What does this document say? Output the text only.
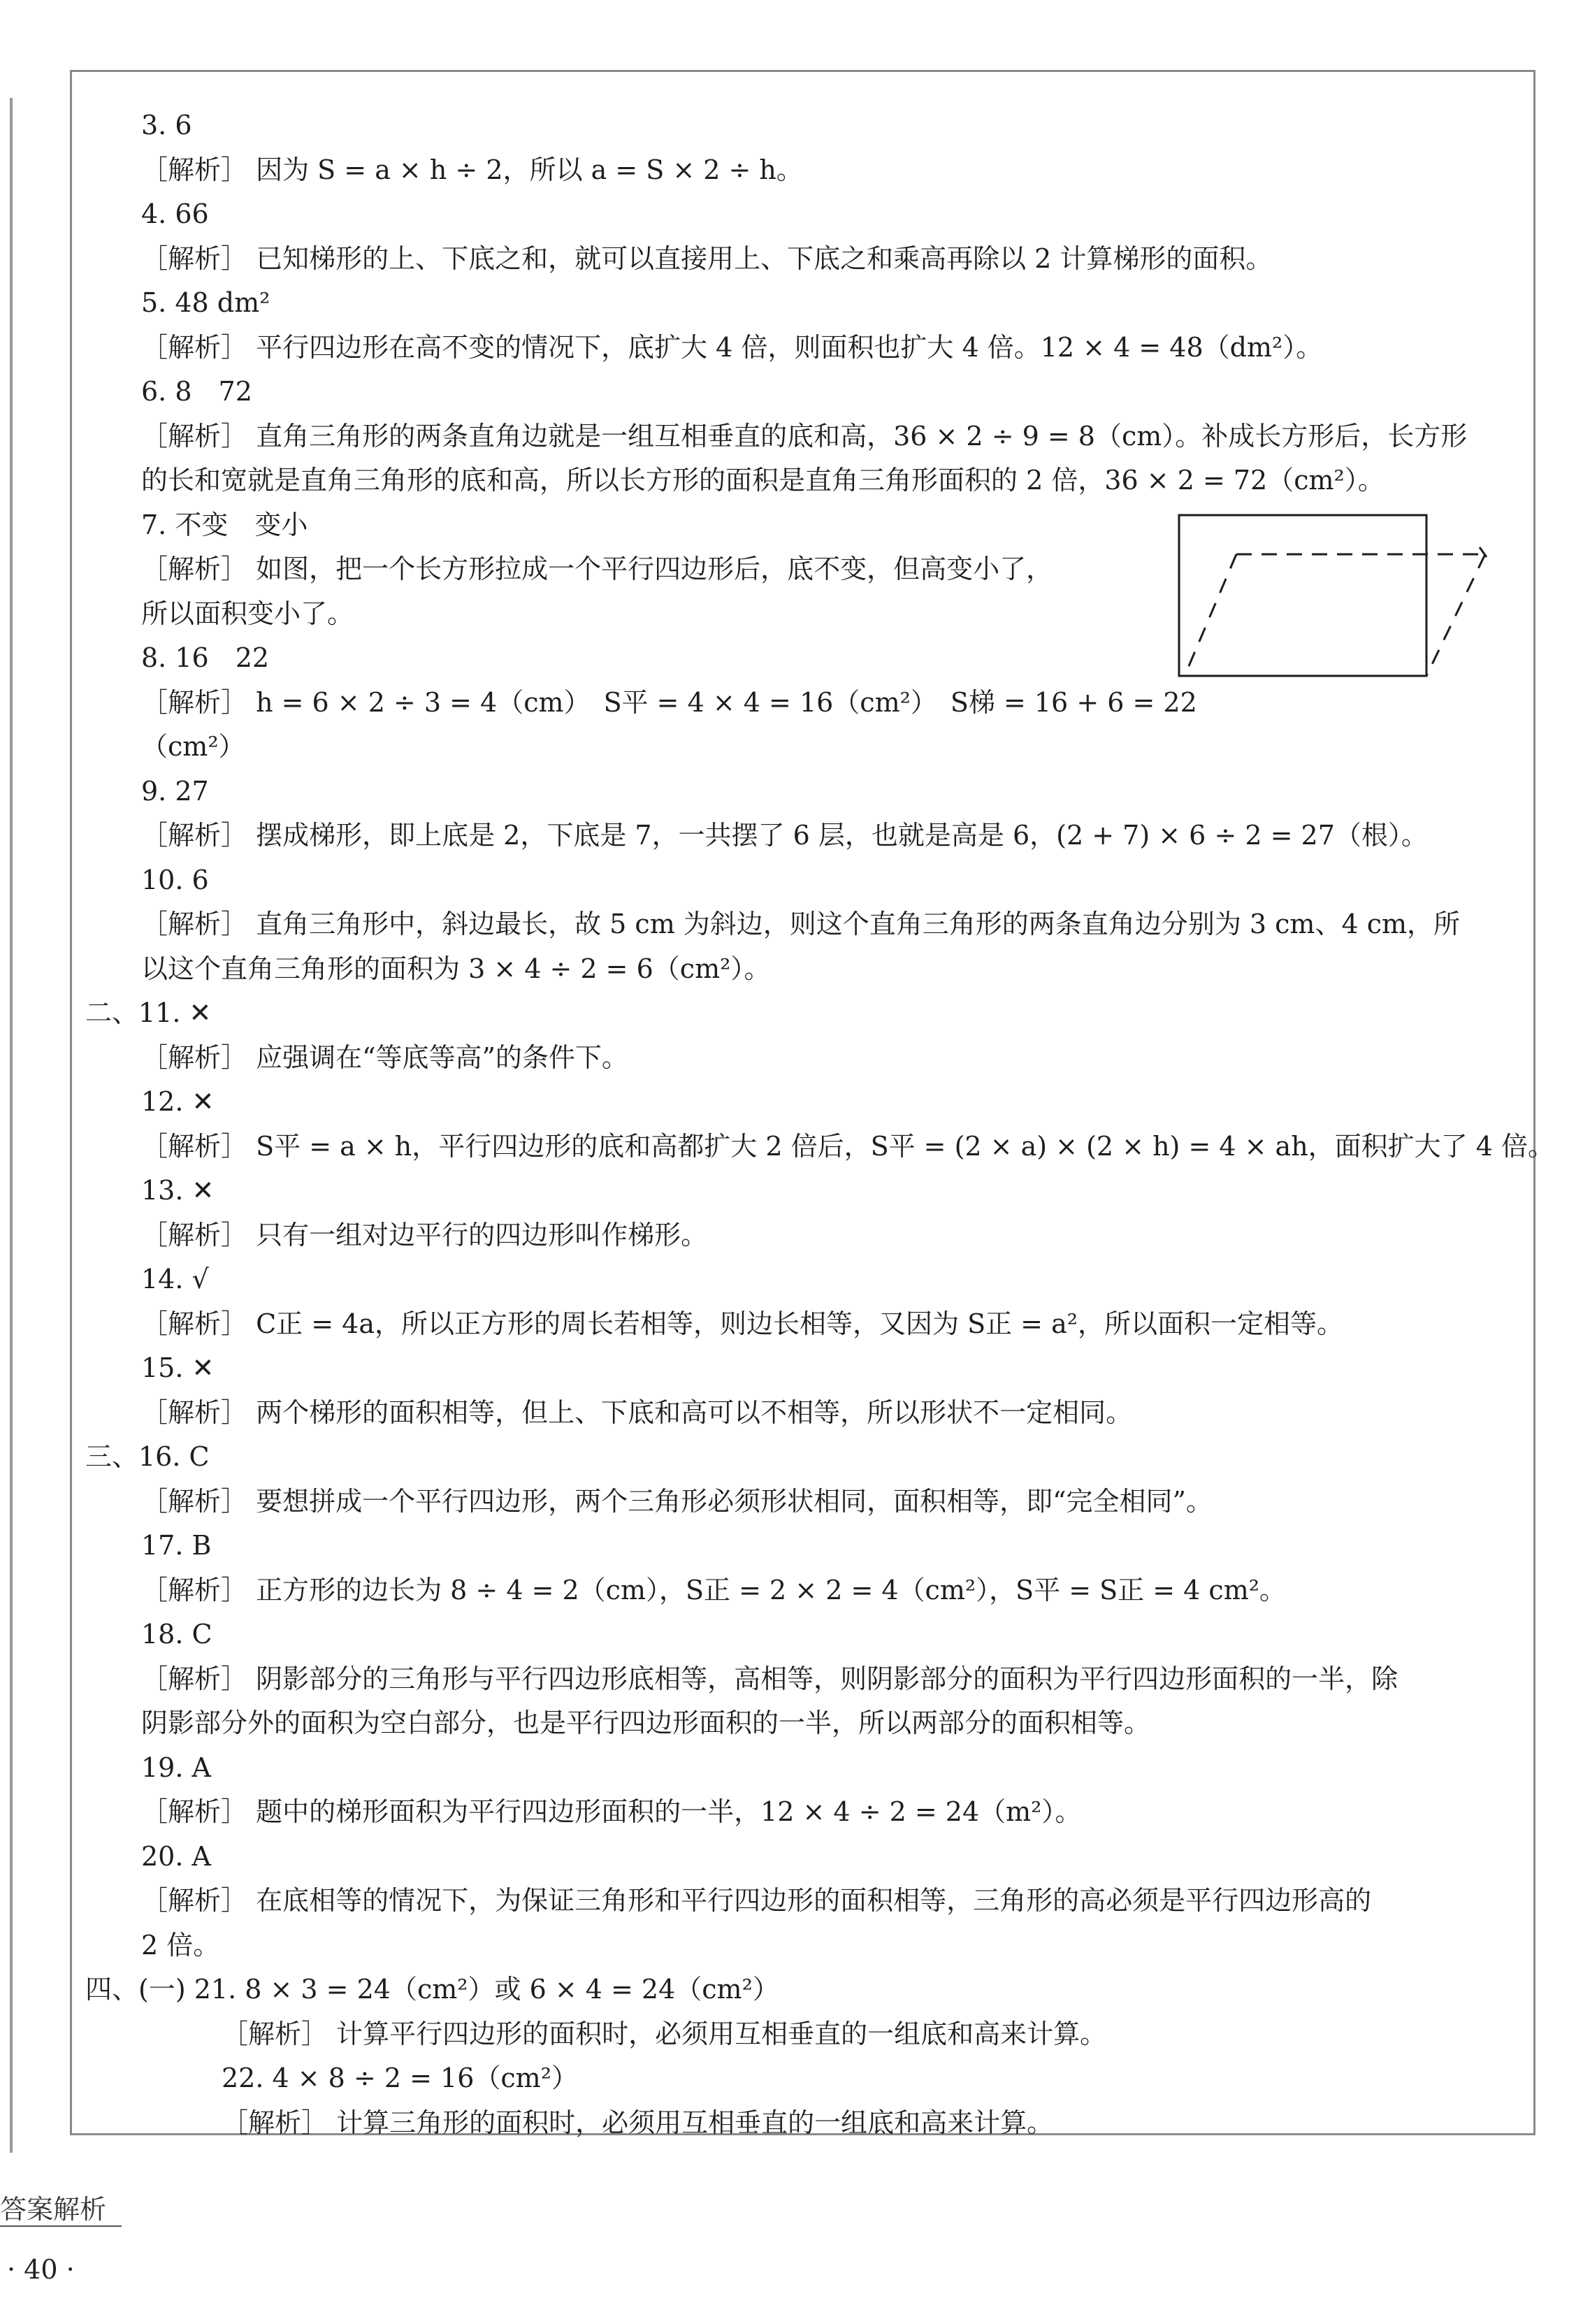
3. 6
［解析］ 因为 S = a × h ÷ 2，所以 a = S × 2 ÷ h。
4. 66
［解析］ 已知梯形的上、下底之和，就可以直接用上、下底之和乘高再除以 2 计算梯形的面积。
5. 48 dm²
［解析］ 平行四边形在高不变的情况下，底扩大 4 倍，则面积也扩大 4 倍。12 × 4 = 48（dm²）。
6. 8　72
［解析］ 直角三角形的两条直角边就是一组互相垂直的底和高，36 × 2 ÷ 9 = 8（cm）。补成长方形后，长方形
的长和宽就是直角三角形的底和高，所以长方形的面积是直角三角形面积的 2 倍，36 × 2 = 72（cm²）。
7. 不变　变小
［解析］ 如图，把一个长方形拉成一个平行四边形后，底不变，但高变小了，
所以面积变小了。
8. 16　22
［解析］ h = 6 × 2 ÷ 3 = 4（cm）　S平 = 4 × 4 = 16（cm²）　S梯 = 16 + 6 = 22
（cm²）
9. 27
［解析］ 摆成梯形，即上底是 2，下底是 7，一共摆了 6 层，也就是高是 6，(2 + 7) × 6 ÷ 2 = 27（根）。
10. 6
［解析］ 直角三角形中，斜边最长，故 5 cm 为斜边，则这个直角三角形的两条直角边分别为 3 cm、4 cm，所
以这个直角三角形的面积为 3 × 4 ÷ 2 = 6（cm²）。
二、11. ✕
［解析］ 应强调在“等底等高”的条件下。
12. ✕
［解析］ S平 = a × h，平行四边形的底和高都扩大 2 倍后，S平 = (2 × a) × (2 × h) = 4 × ah，面积扩大了 4 倍。
13. ✕
［解析］ 只有一组对边平行的四边形叫作梯形。
14. √
［解析］ C正 = 4a，所以正方形的周长若相等，则边长相等，又因为 S正 = a²，所以面积一定相等。
15. ✕
［解析］ 两个梯形的面积相等，但上、下底和高可以不相等，所以形状不一定相同。
三、16. C
［解析］ 要想拼成一个平行四边形，两个三角形必须形状相同，面积相等，即“完全相同”。
17. B
［解析］ 正方形的边长为 8 ÷ 4 = 2（cm），S正 = 2 × 2 = 4（cm²），S平 = S正 = 4 cm²。
18. C
［解析］ 阴影部分的三角形与平行四边形底相等，高相等，则阴影部分的面积为平行四边形面积的一半，除
阴影部分外的面积为空白部分，也是平行四边形面积的一半，所以两部分的面积相等。
19. A
［解析］ 题中的梯形面积为平行四边形面积的一半，12 × 4 ÷ 2 = 24（m²）。
20. A
［解析］ 在底相等的情况下，为保证三角形和平行四边形的面积相等，三角形的高必须是平行四边形高的
2 倍。
四、(一) 21. 8 × 3 = 24（cm²）或 6 × 4 = 24（cm²）
［解析］ 计算平行四边形的面积时，必须用互相垂直的一组底和高来计算。
22. 4 × 8 ÷ 2 = 16（cm²）
［解析］ 计算三角形的面积时，必须用互相垂直的一组底和高来计算。
答案解析
· 40 ·
